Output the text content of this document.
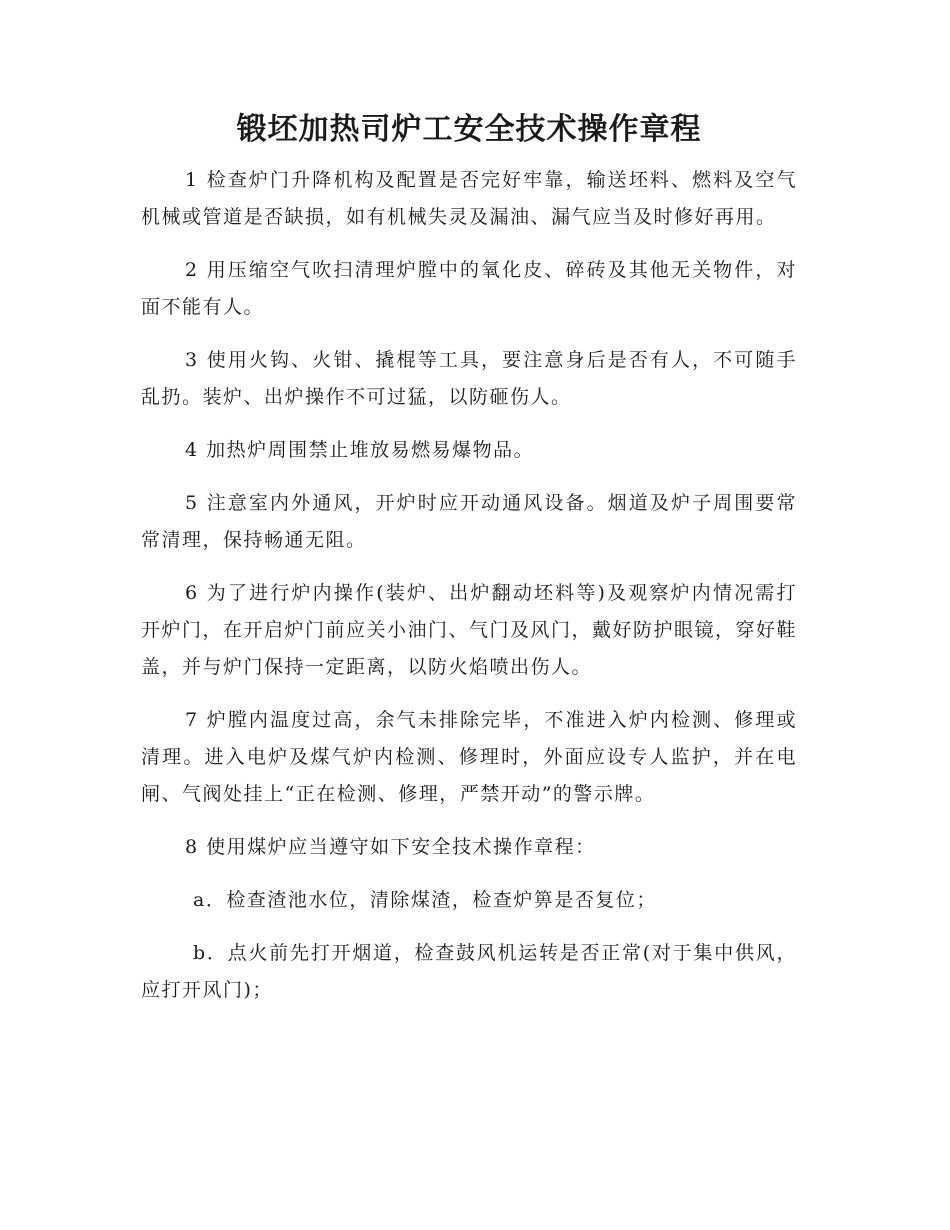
锻坯加热司炉工安全技术操作章程

1 检查炉门升降机构及配置是否完好牢靠，输送坯料、燃料及空气机械或管道是否缺损，如有机械失灵及漏油、漏气应当及时修好再用。

2 用压缩空气吹扫清理炉膛中的氧化皮、碎砖及其他无关物件，对面不能有人。

3 使用火钩、火钳、撬棍等工具，要注意身后是否有人，不可随手乱扔。装炉、出炉操作不可过猛，以防砸伤人。

4 加热炉周围禁止堆放易燃易爆物品。

5 注意室内外通风，开炉时应开动通风设备。烟道及炉子周围要常常清理，保持畅通无阻。

6 为了进行炉内操作(装炉、出炉翻动坯料等)及观察炉内情况需打开炉门，在开启炉门前应关小油门、气门及风门，戴好防护眼镜，穿好鞋盖，并与炉门保持一定距离，以防火焰喷出伤人。

7 炉膛内温度过高，余气未排除完毕，不准进入炉内检测、修理或清理。进入电炉及煤气炉内检测、修理时，外面应设专人监护，并在电闸、气阀处挂上“正在检测、修理，严禁开动”的警示牌。

8 使用煤炉应当遵守如下安全技术操作章程：

a．检查渣池水位，清除煤渣，检查炉箅是否复位；

b．点火前先打开烟道，检查鼓风机运转是否正常(对于集中供风，应打开风门)；
